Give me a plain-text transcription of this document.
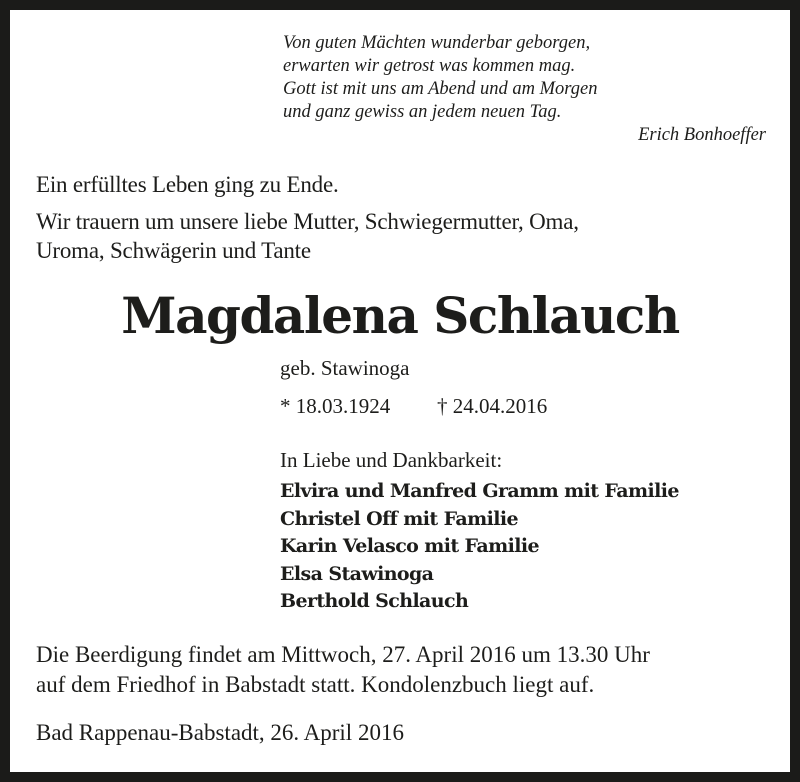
Von guten Mächten wunderbar geborgen,
erwarten wir getrost was kommen mag.
Gott ist mit uns am Abend und am Morgen
und ganz gewiss an jedem neuen Tag.
Erich Bonhoeffer
Ein erfülltes Leben ging zu Ende.
Wir trauern um unsere liebe Mutter, Schwiegermutter, Oma,
Uroma, Schwägerin und Tante
Magdalena Schlauch
geb. Stawinoga
* 18.03.1924 † 24.04.2016
In Liebe und Dankbarkeit:
Elvira und Manfred Gramm mit Familie
Christel Off mit Familie
Karin Velasco mit Familie
Elsa Stawinoga
Berthold Schlauch
Die Beerdigung findet am Mittwoch, 27. April 2016 um 13.30 Uhr
auf dem Friedhof in Babstadt statt. Kondolenzbuch liegt auf.
Bad Rappenau-Babstadt, 26. April 2016
